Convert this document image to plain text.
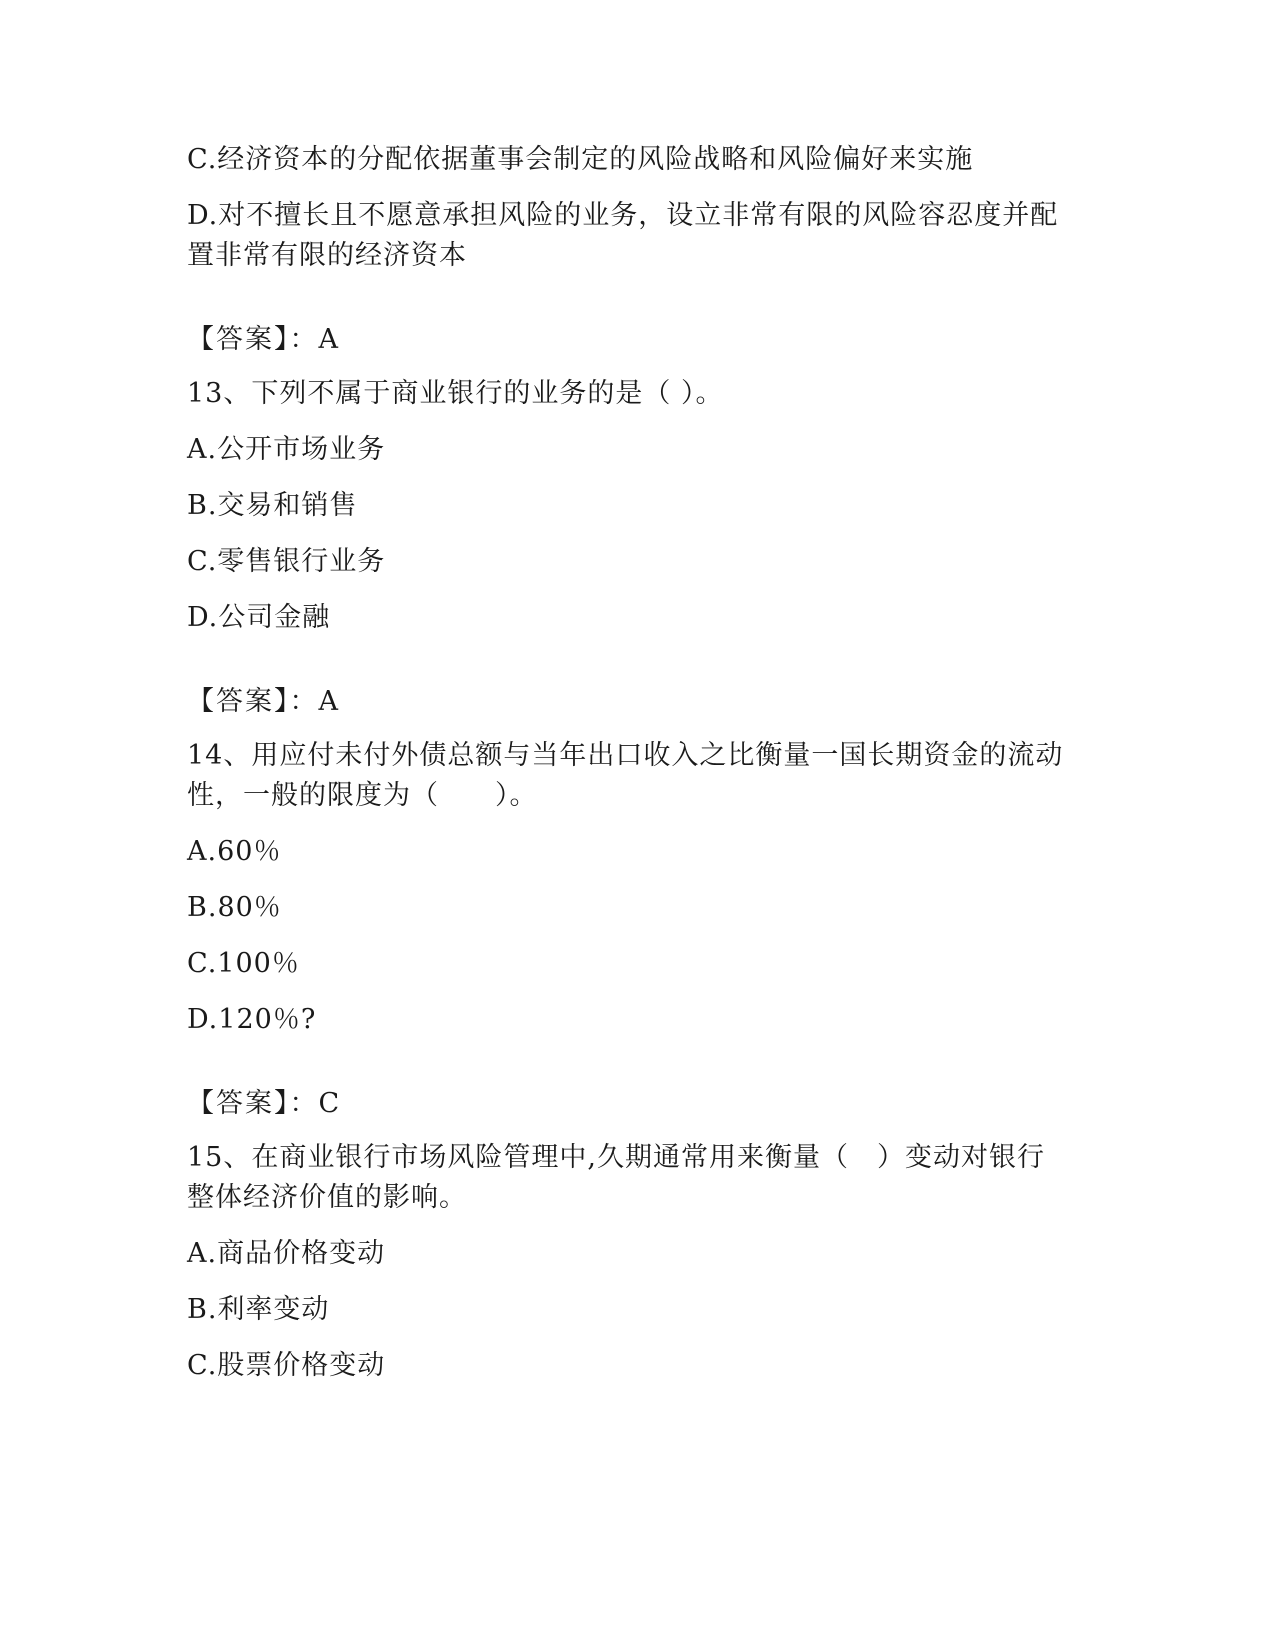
C.经济资本的分配依据董事会制定的风险战略和风险偏好来实施

D.对不擅长且不愿意承担风险的业务，设立非常有限的风险容忍度并配置非常有限的经济资本

【答案】：A

13、下列不属于商业银行的业务的是（ ）。

A.公开市场业务

B.交易和销售

C.零售银行业务

D.公司金融

【答案】：A

14、用应付未付外债总额与当年出口收入之比衡量一国长期资金的流动性，一般的限度为（　　）。

A.60％

B.80％

C.100％

D.120％?

【答案】：C

15、在商业银行市场风险管理中,久期通常用来衡量（　）变动对银行整体经济价值的影响。

A.商品价格变动

B.利率变动

C.股票价格变动
